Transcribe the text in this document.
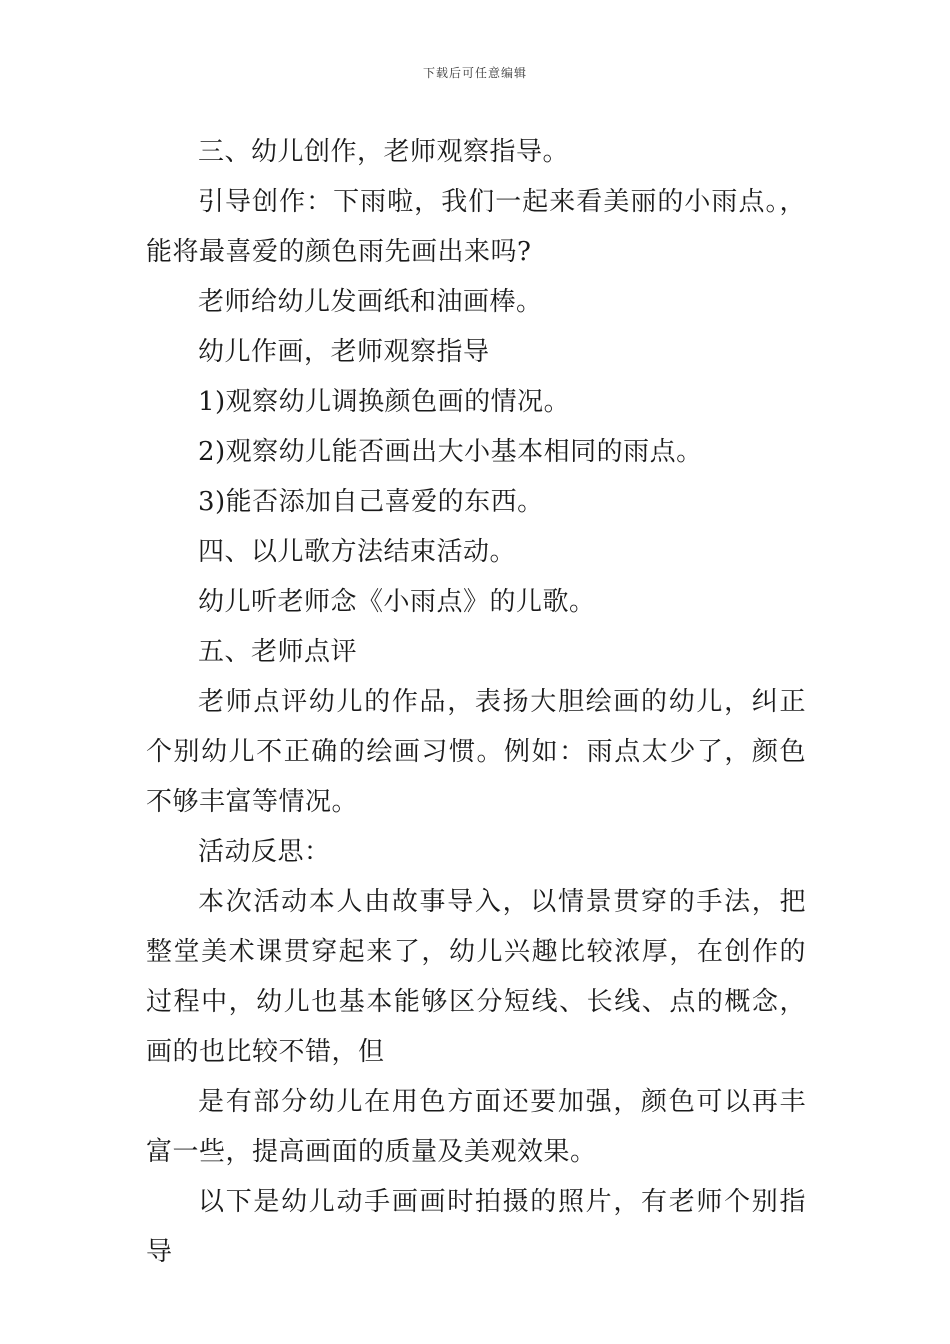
下载后可任意编辑

三、幼儿创作，老师观察指导。

引导创作：下雨啦，我们一起来看美丽的小雨点。，能将最喜爱的颜色雨先画出来吗?

老师给幼儿发画纸和油画棒。

幼儿作画，老师观察指导

1)观察幼儿调换颜色画的情况。

2)观察幼儿能否画出大小基本相同的雨点。

3)能否添加自己喜爱的东西。

四、以儿歌方法结束活动。

幼儿听老师念《小雨点》的儿歌。

五、老师点评

老师点评幼儿的作品，表扬大胆绘画的幼儿，纠正个别幼儿不正确的绘画习惯。例如：雨点太少了，颜色不够丰富等情况。

活动反思：

本次活动本人由故事导入，以情景贯穿的手法，把整堂美术课贯穿起来了，幼儿兴趣比较浓厚，在创作的过程中，幼儿也基本能够区分短线、长线、点的概念，画的也比较不错，但

是有部分幼儿在用色方面还要加强，颜色可以再丰富一些，提高画面的质量及美观效果。

以下是幼儿动手画画时拍摄的照片，有老师个别指导
